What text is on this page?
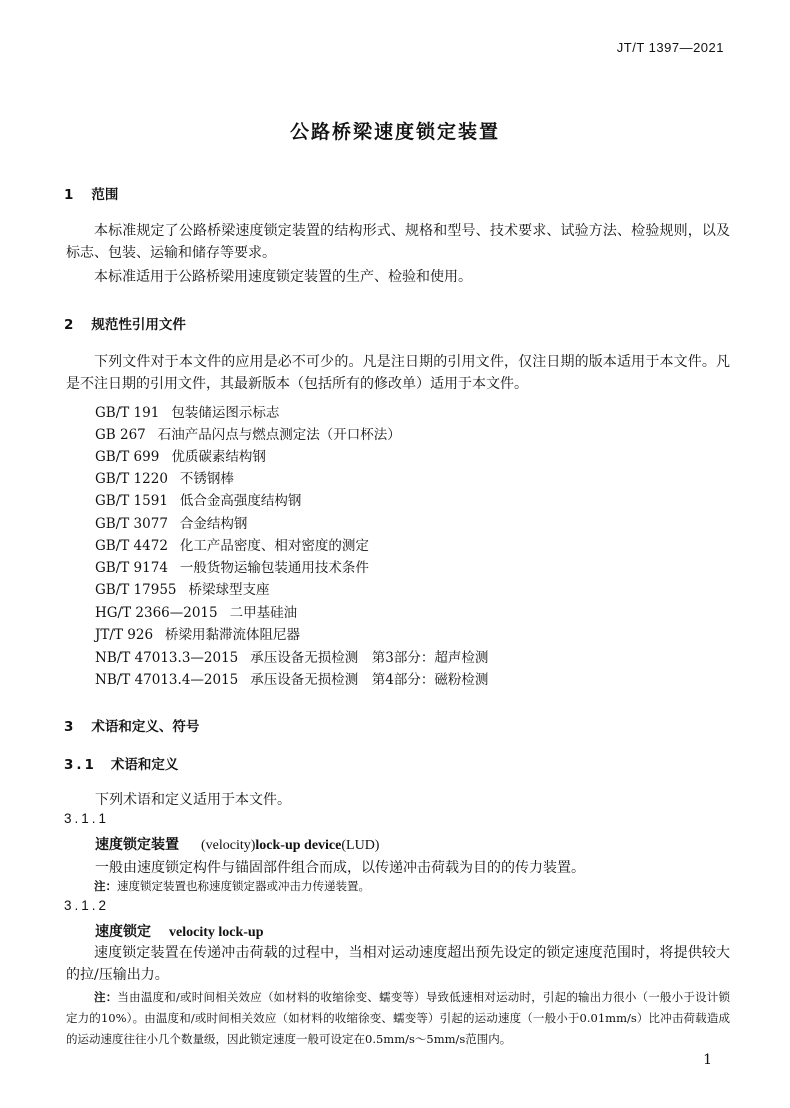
JT/T 1397—2021
公路桥梁速度锁定装置
1 范围
本标准规定了公路桥梁速度锁定装置的结构形式、规格和型号、技术要求、试验方法、检验规则，以及标志、包装、运输和储存等要求。
本标准适用于公路桥梁用速度锁定装置的生产、检验和使用。
2 规范性引用文件
下列文件对于本文件的应用是必不可少的。凡是注日期的引用文件，仅注日期的版本适用于本文件。凡是不注日期的引用文件，其最新版本（包括所有的修改单）适用于本文件。
GB/T 191 包装储运图示标志
GB 267 石油产品闪点与燃点测定法（开口杯法）
GB/T 699 优质碳素结构钢
GB/T 1220 不锈钢棒
GB/T 1591 低合金高强度结构钢
GB/T 3077 合金结构钢
GB/T 4472 化工产品密度、相对密度的测定
GB/T 9174 一般货物运输包装通用技术条件
GB/T 17955 桥梁球型支座
HG/T 2366—2015 二甲基硅油
JT/T 926 桥梁用黏滞流体阻尼器
NB/T 47013.3—2015 承压设备无损检测　第3部分：超声检测
NB/T 47013.4—2015 承压设备无损检测　第4部分：磁粉检测
3 术语和定义、符号
3.1 术语和定义
下列术语和定义适用于本文件。
3.1.1
速度锁定装置 (velocity)lock-up device(LUD)
一般由速度锁定构件与锚固部件组合而成，以传递冲击荷载为目的的传力装置。
注：速度锁定装置也称速度锁定器或冲击力传递装置。
3.1.2
速度锁定 velocity lock-up
速度锁定装置在传递冲击荷载的过程中，当相对运动速度超出预先设定的锁定速度范围时，将提供较大的拉/压输出力。
注：当由温度和/或时间相关效应（如材料的收缩徐变、蠕变等）导致低速相对运动时，引起的输出力很小（一般小于设计锁定力的10%）。由温度和/或时间相关效应（如材料的收缩徐变、蠕变等）引起的运动速度（一般小于0.01mm/s）比冲击荷载造成的运动速度往往小几个数量级，因此锁定速度一般可设定在0.5mm/s～5mm/s范围内。
1
